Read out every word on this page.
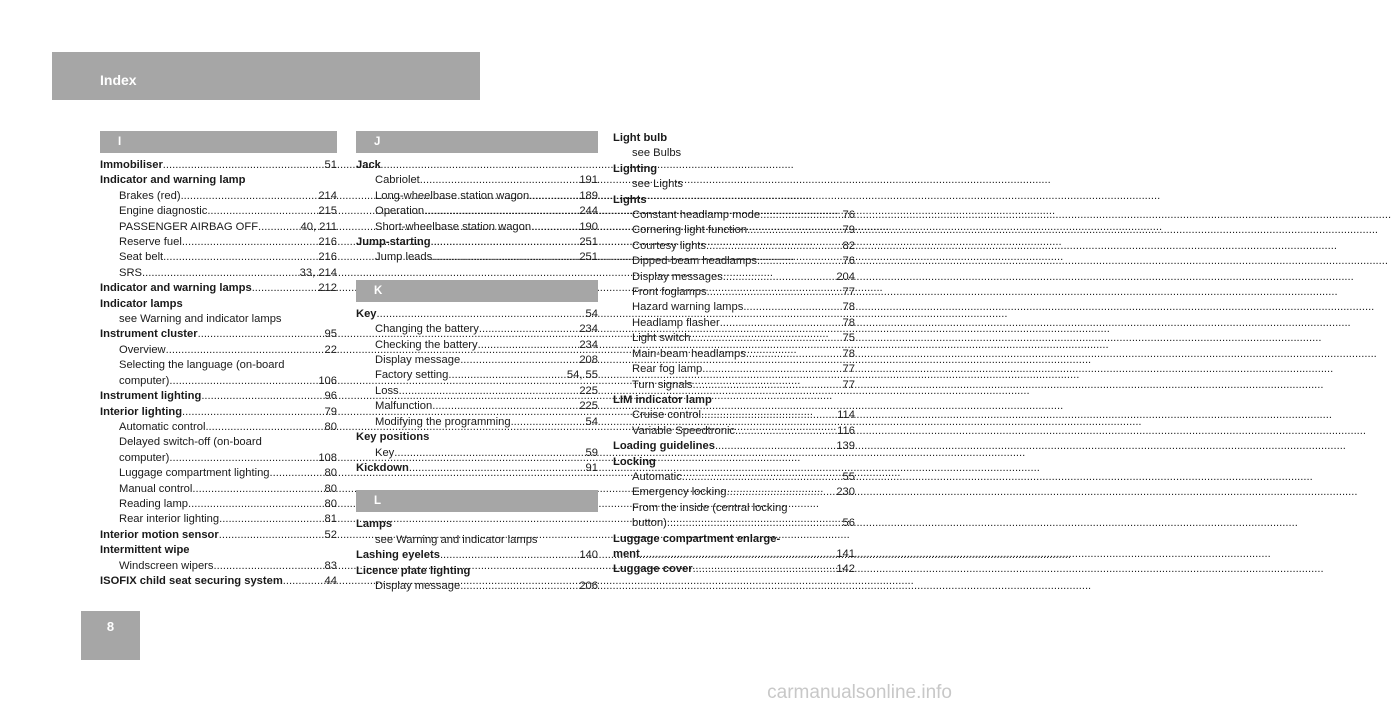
Index
I
Immobiliser .....	51
Indicator and warning lamp
Brakes (red) .....	214
Engine diagnostic .....	215
PASSENGER AIRBAG OFF .....	40, 211
Reserve fuel .....	216
Seat belt .....	216
SRS .....	33, 214
Indicator and warning lamps .....	212
Indicator lamps
see Warning and indicator lamps
Instrument cluster .....	95
Overview .....	22
Selecting the language (on-board
computer) .....	106
Instrument lighting .....	96
Interior lighting .....	79
Automatic control .....	80
Delayed switch-off (on-board
computer) .....	108
Luggage compartment lighting .....	80
Manual control .....	80
Reading lamp .....	80
Rear interior lighting .....	81
Interior motion sensor .....	52
Intermittent wipe
Windscreen wipers .....	83
ISOFIX child seat securing system .....	44
J
Jack
Cabriolet .....	191
Long-wheelbase station wagon .....	189
Operation .....	244
Short-wheelbase station wagon .....	190
Jump-starting .....	251
Jump leads .....	251
K
Key .....	54
Changing the battery .....	234
Checking the battery .....	234
Display message .....	208
Factory setting .....	54, 55
Loss .....	225
Malfunction .....	225
Modifying the programming .....	54
Key positions
Key .....	59
Kickdown .....	91
L
Lamps
see Warning and indicator lamps
Lashing eyelets .....	140
Licence plate lighting
Display message .....	206
Light bulb
see Bulbs
Lighting
see Lights
Lights
Constant headlamp mode .....	76
Cornering light function .....	79
Courtesy lights .....	82
Dipped-beam headlamps .....	76
Display messages .....	204
Front foglamps .....	77
Hazard warning lamps .....	78
Headlamp flasher .....	78
Light switch .....	75
Main-beam headlamps .....	78
Rear fog lamp .....	77
Turn signals .....	77
LIM indicator lamp
Cruise control .....	114
Variable Speedtronic .....	116
Loading guidelines .....	139
Locking
Automatic .....	55
Emergency locking .....	230
From the inside (central locking
button) .....	56
Luggage compartment enlarge-
ment .....	141
Luggage cover .....	142
8
carmanualsonline.info
